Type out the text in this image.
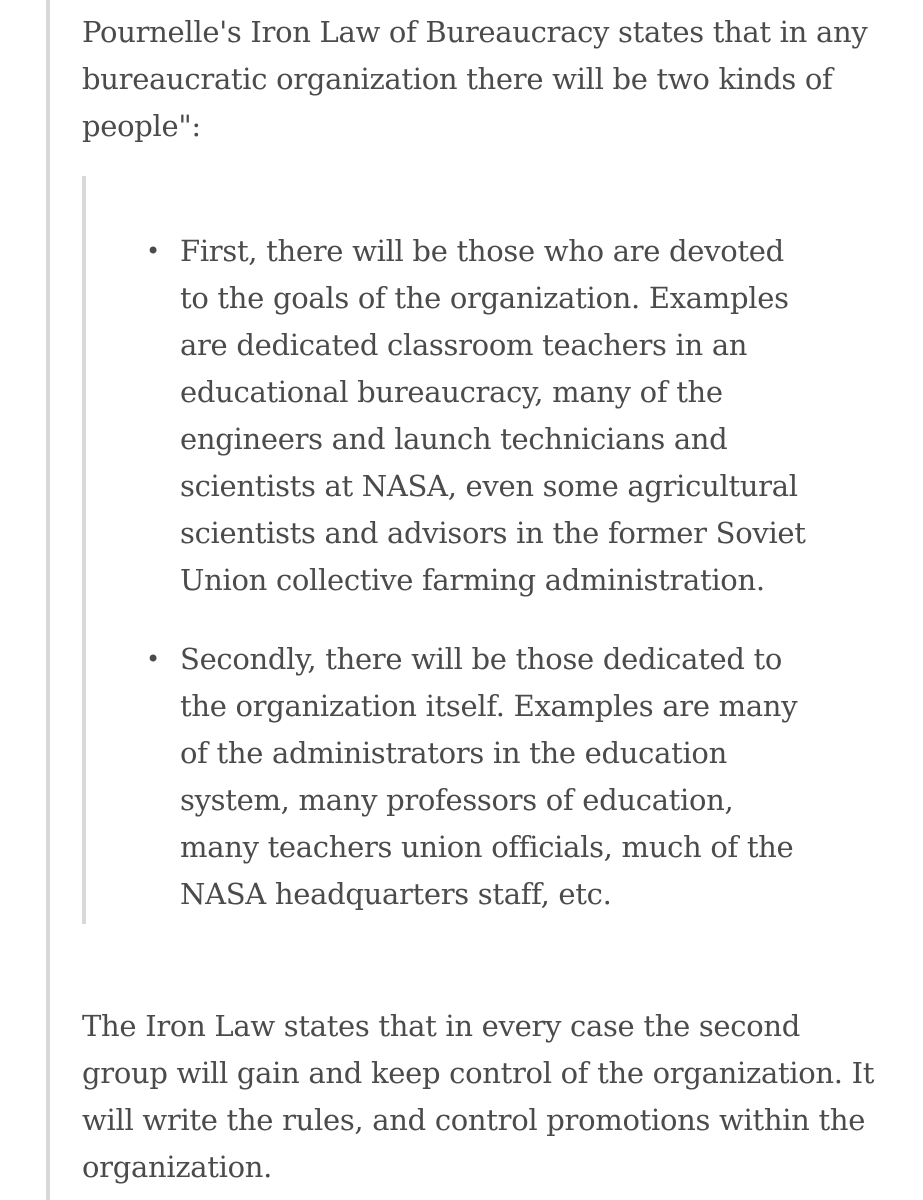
Pournelle's Iron Law of Bureaucracy states that in any bureaucratic organization there will be two kinds of people":

• First, there will be those who are devoted to the goals of the organization. Examples are dedicated classroom teachers in an educational bureaucracy, many of the engineers and launch technicians and scientists at NASA, even some agricultural scientists and advisors in the former Soviet Union collective farming administration.
• Secondly, there will be those dedicated to the organization itself. Examples are many of the administrators in the education system, many professors of education, many teachers union officials, much of the NASA headquarters staff, etc.

The Iron Law states that in every case the second group will gain and keep control of the organization. It will write the rules, and control promotions within the organization.
